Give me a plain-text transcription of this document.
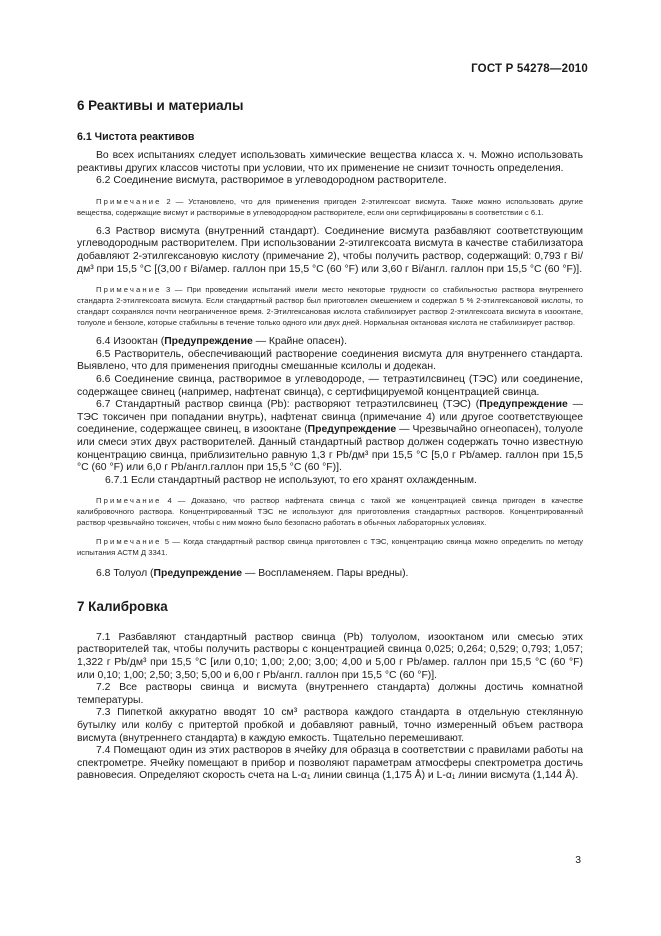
ГОСТ Р 54278—2010

6 Реактивы и материалы

6.1 Чистота реактивов

Во всех испытаниях следует использовать химические вещества класса х. ч. Можно использовать реактивы других классов чистоты при условии, что их применение не снизит точность определения.

6.2 Соединение висмута, растворимое в углеводородном растворителе.

Примечание 2 — Установлено, что для применения пригоден 2-этилгексоат висмута. Также можно использовать другие вещества, содержащие висмут и растворимые в углеводородном растворителе, если они сертифицированы в соответствии с 6.1.

6.3 Раствор висмута (внутренний стандарт). Соединение висмута разбавляют соответствующим углеводородным растворителем. При использовании 2-этилгексоата висмута в качестве стабилизатора добавляют 2-этилгексановую кислоту (примечание 2), чтобы получить раствор, содержащий: 0,793 г Bi/дм³ при 15,5 °С [(3,00 г Bi/амер. галлон при 15,5 °С (60 °F) или 3,60 г Bi/англ. галлон при 15,5 °С (60 °F)].

Примечание 3 — При проведении испытаний имели место некоторые трудности со стабильностью раствора внутреннего стандарта 2-этилгексоата висмута. Если стандартный раствор был приготовлен смешением и содержал 5 % 2-этилгексановой кислоты, то стандарт сохранялся почти неограниченное время. 2-Этилгексановая кислота стабилизирует раствор 2-этилгексоата висмута в изооктане, толуоле и бензоле, которые стабильны в течение только одного или двух дней. Нормальная октановая кислота не стабилизирует раствор.

6.4 Изооктан (Предупреждение — Крайне опасен).

6.5 Растворитель, обеспечивающий растворение соединения висмута для внутреннего стандарта. Выявлено, что для применения пригодны смешанные ксилолы и додекан.

6.6 Соединение свинца, растворимое в углеводороде, — тетраэтилсвинец (ТЭС) или соединение, содержащее свинец (например, нафтенат свинца), с сертифицируемой концентрацией свинца.

6.7 Стандартный раствор свинца (Pb): растворяют тетраэтилсвинец (ТЭС) (Предупреждение — ТЭС токсичен при попадании внутрь), нафтенат свинца (примечание 4) или другое соответствующее соединение, содержащее свинец, в изооктане (Предупреждение — Чрезвычайно огнеопасен), толуоле или смеси этих двух растворителей. Данный стандартный раствор должен содержать точно известную концентрацию свинца, приблизительно равную 1,3 г Pb/дм³ при 15,5 °С [5,0 г Pb/амер. галлон при 15,5 °С (60 °F) или 6,0 г Pb/англ.галлон при 15,5 °С (60 °F)].

6.7.1 Если стандартный раствор не используют, то его хранят охлажденным.

Примечание 4 — Доказано, что раствор нафтената свинца с такой же концентрацией свинца пригоден в качестве калибровочного раствора. Концентрированный ТЭС не используют для приготовления стандартных растворов. Концентрированный раствор чрезвычайно токсичен, чтобы с ним можно было безопасно работать в обычных лабораторных условиях.

Примечание 5 — Когда стандартный раствор свинца приготовлен с ТЭС, концентрацию свинца можно определить по методу испытания АСТМ Д 3341.

6.8 Толуол (Предупреждение — Воспламеняем. Пары вредны).

7 Калибровка

7.1 Разбавляют стандартный раствор свинца (Pb) толуолом, изооктаном или смесью этих растворителей так, чтобы получить растворы с концентрацией свинца 0,025; 0,264; 0,529; 0,793; 1,057; 1,322 г Pb/дм³ при 15,5 °С [или 0,10; 1,00; 2,00; 3,00; 4,00 и 5,00 г Pb/амер. галлон при 15,5 °С (60 °F) или 0,10; 1,00; 2,50; 3,50; 5,00 и 6,00 г Pb/англ. галлон при 15,5 °С (60 °F)].

7.2 Все растворы свинца и висмута (внутреннего стандарта) должны достичь комнатной температуры.

7.3 Пипеткой аккуратно вводят 10 см³ раствора каждого стандарта в отдельную стеклянную бутылку или колбу с притертой пробкой и добавляют равный, точно измеренный объем раствора висмута (внутреннего стандарта) в каждую емкость. Тщательно перемешивают.

7.4 Помещают один из этих растворов в ячейку для образца в соответствии с правилами работы на спектрометре. Ячейку помещают в прибор и позволяют параметрам атмосферы спектрометра достичь равновесия. Определяют скорость счета на L-α₁ линии свинца (1,175 Å) и L-α₁ линии висмута (1,144 Å).

3
